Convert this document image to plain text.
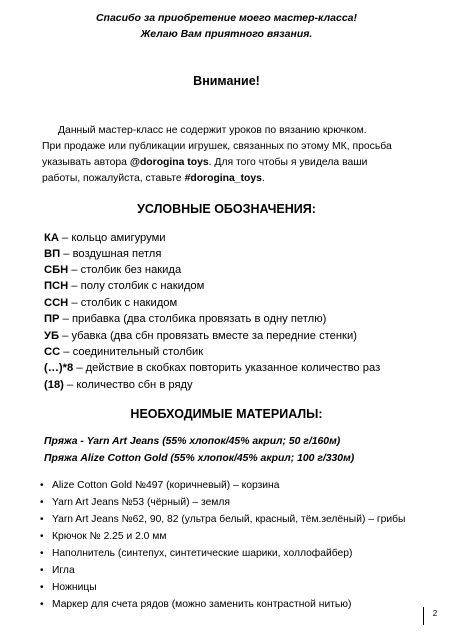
Спасибо за приобретение моего мастер-класса!
Желаю Вам приятного вязания.
Внимание!
Данный мастер-класс не содержит уроков по вязанию крючком.
При продаже или публикации игрушек, связанных по этому МК, просьба
указывать автора @dorogina toys. Для того чтобы я увидела ваши
работы, пожалуйста, ставьте #dorogina_toys.
УСЛОВНЫЕ ОБОЗНАЧЕНИЯ:
КА – кольцо амигуруми
ВП – воздушная петля
СБН – столбик без накида
ПСН – полу столбик с накидом
ССН – столбик с накидом
ПР – прибавка (два столбика провязать в одну петлю)
УБ – убавка (два сбн провязать вместе за передние стенки)
СС – соединительный столбик
(…)*8 – действие в скобках повторить указанное количество раз
(18) – количество сбн в ряду
НЕОБХОДИМЫЕ МАТЕРИАЛЫ:
Пряжа - Yarn Art Jeans (55% хлопок/45% акрил; 50 г/160м)
Пряжа Alize Cotton Gold (55% хлопок/45% акрил; 100 г/330м)
• Alize Cotton Gold №497 (коричневый) – корзина
• Yarn Art Jeans №53 (чёрный) – земля
• Yarn Art Jeans №62, 90, 82 (ультра белый, красный, тём.зелёный) – грибы
• Крючок № 2.25 и 2.0 мм
• Наполнитель (синтепух, синтетические шарики, холлофайбер)
• Игла
• Ножницы
• Маркер для счета рядов (можно заменить контрастной нитью)
2
